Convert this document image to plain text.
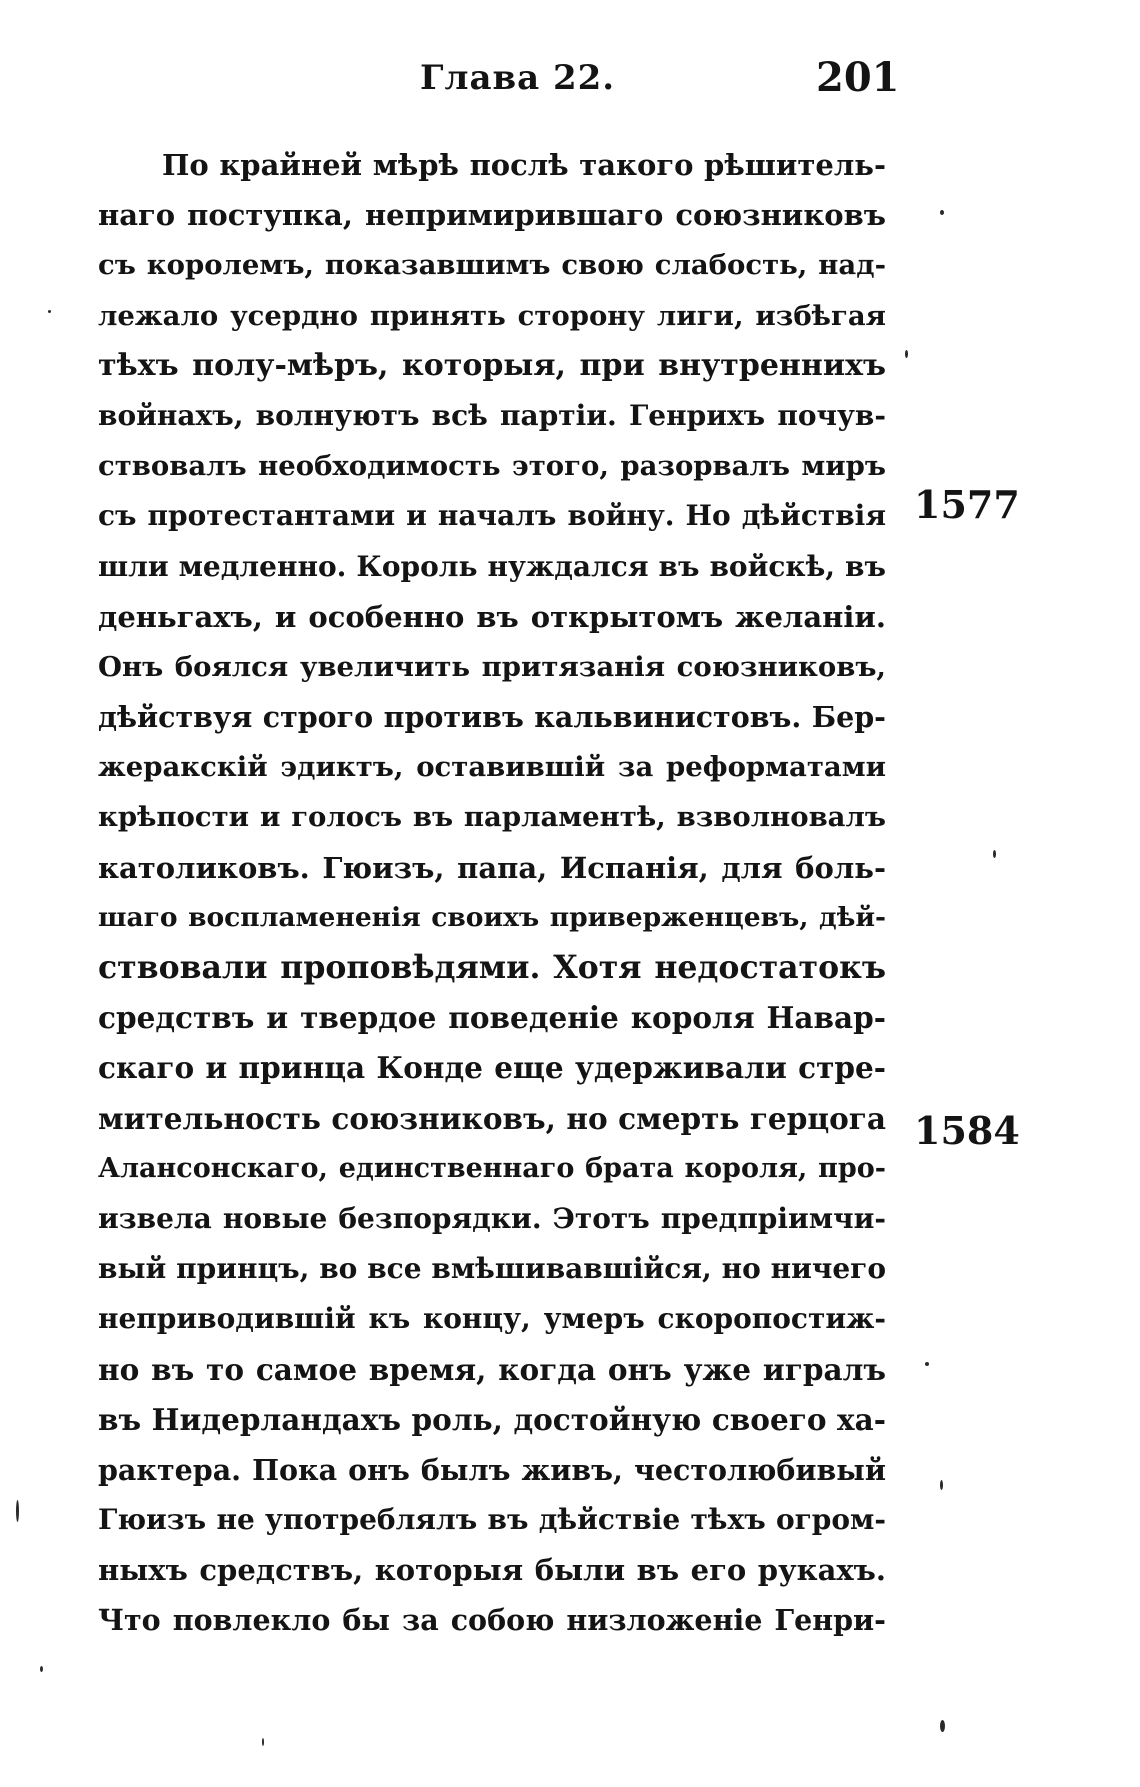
Глава 22.	201
По крайней мѣрѣ послѣ такого рѣшитель-
наго поступка, непримирившаго союзниковъ
съ королемъ, показавшимъ свою слабость, над-
лежало усердно принять сторону лиги, избѣгая
тѣхъ полу-мѣръ, которыя, при внутреннихъ
войнахъ, волнуютъ всѣ партіи. Генрихъ почув-
ствовалъ необходимость этого, разорвалъ миръ
съ протестантами и началъ войну. Но дѣйствія
шли медленно. Король нуждался въ войскѣ, въ
деньгахъ, и особенно въ открытомъ желаніи.
Онъ боялся увеличить притязанія союзниковъ,
дѣйствуя строго противъ кальвинистовъ. Бер-
жеракскій эдиктъ, оставившій за реформатами
крѣпости и голосъ въ парламентѣ, взволновалъ
католиковъ. Гюизъ, папа, Испанія, для боль-
шаго воспламененія своихъ приверженцевъ, дѣй-
ствовали проповѣдями. Хотя недостатокъ
средствъ и твердое поведеніе короля Навар-
скаго и принца Конде еще удерживали стре-
мительность союзниковъ, но смерть герцога
Алансонскаго, единственнаго брата короля, про-
извела новые безпорядки. Этотъ предпріимчи-
вый принцъ, во все вмѣшивавшійся, но ничего
неприводившій къ концу, умеръ скоропостиж-
но въ то самое время, когда онъ уже игралъ
въ Нидерландахъ роль, достойную своего ха-
рактера. Пока онъ былъ живъ, честолюбивый
Гюизъ не употреблялъ въ дѣйствіе тѣхъ огром-
ныхъ средствъ, которыя были въ его рукахъ.
Что повлекло бы за собою низложеніе Генри-
1577
1584
